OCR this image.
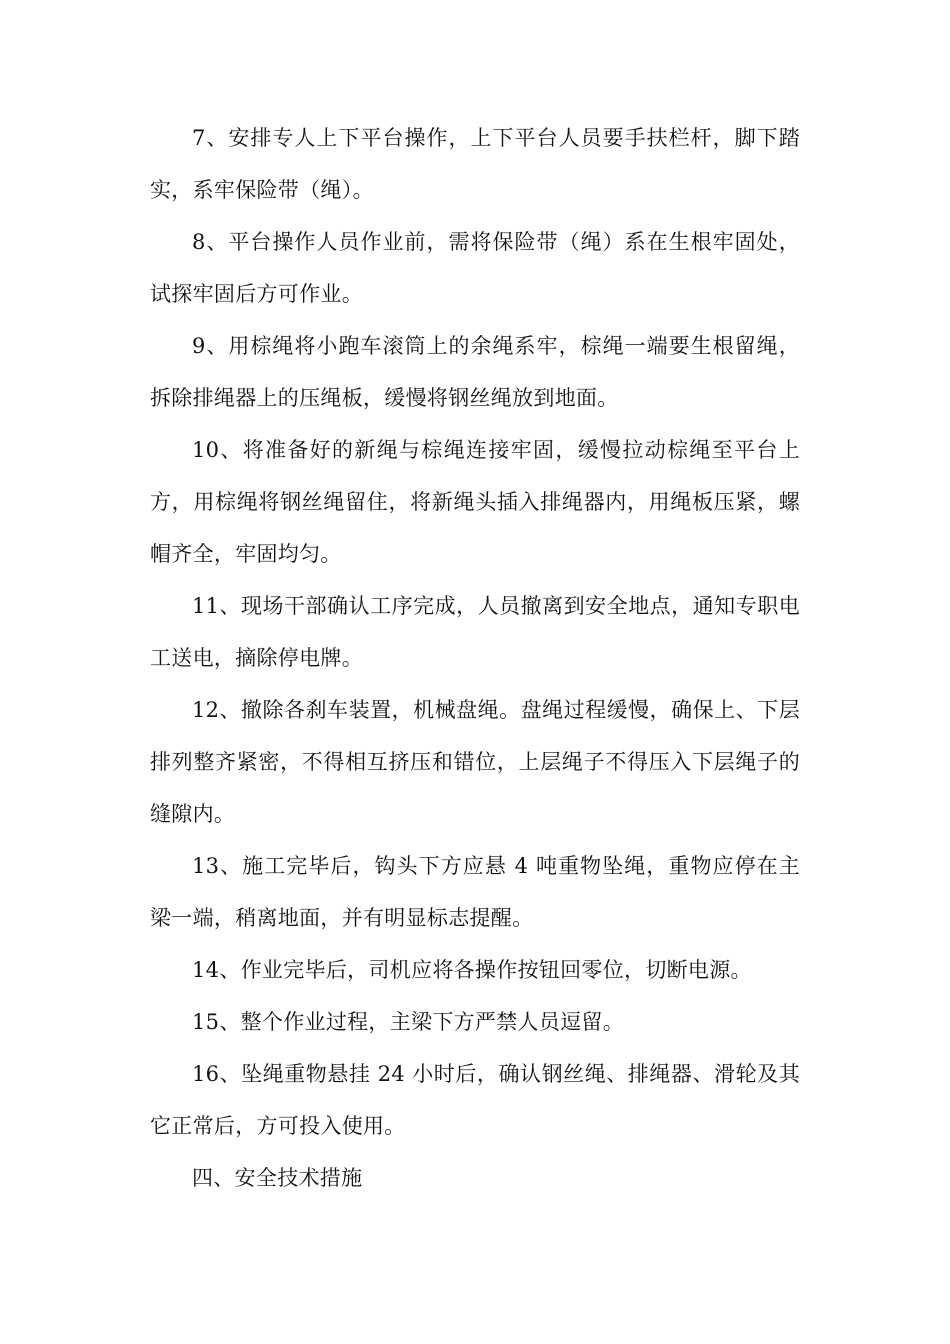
7、安排专人上下平台操作，上下平台人员要手扶栏杆，脚下踏实，系牢保险带（绳）。

8、平台操作人员作业前，需将保险带（绳）系在生根牢固处，试探牢固后方可作业。

9、用棕绳将小跑车滚筒上的余绳系牢，棕绳一端要生根留绳，拆除排绳器上的压绳板，缓慢将钢丝绳放到地面。

10、将准备好的新绳与棕绳连接牢固，缓慢拉动棕绳至平台上方，用棕绳将钢丝绳留住，将新绳头插入排绳器内，用绳板压紧，螺帽齐全，牢固均匀。

11、现场干部确认工序完成，人员撤离到安全地点，通知专职电工送电，摘除停电牌。

12、撤除各刹车装置，机械盘绳。盘绳过程缓慢，确保上、下层排列整齐紧密，不得相互挤压和错位，上层绳子不得压入下层绳子的缝隙内。

13、施工完毕后，钩头下方应悬 4 吨重物坠绳，重物应停在主梁一端，稍离地面，并有明显标志提醒。

14、作业完毕后，司机应将各操作按钮回零位，切断电源。

15、整个作业过程，主梁下方严禁人员逗留。

16、坠绳重物悬挂 24 小时后，确认钢丝绳、排绳器、滑轮及其它正常后，方可投入使用。

四、安全技术措施
